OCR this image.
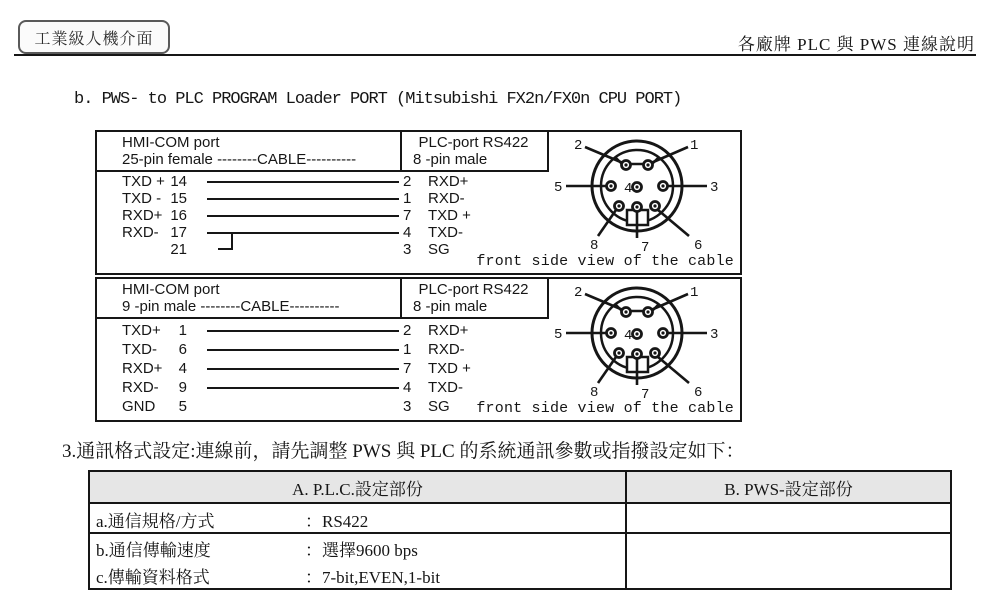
工業級人機介面	各廠牌 PLC 與 PWS 連線說明
b. PWS- to PLC PROGRAM Loader PORT (Mitsubishi FX2n/FX0n CPU PORT)
HMI-COM port
25-pin female --------CABLE----------
PLC-port RS422
8 -pin male
TXD + 14	2 RXD+
TXD - 15	1 RXD-
RXD+ 16	7 TXD +
RXD- 17	4 TXD-
21	3 SG
2	1
5	3
4
8	7	6
front side view of the cable
HMI-COM port
9 -pin male --------CABLE----------
PLC-port RS422
8 -pin male
TXD+	1	2 RXD+
TXD-	6	1 RXD-
RXD+	4	7 TXD +
RXD-	9	4 TXD-
GND	5	3 SG
2	1
5	3
4
8	7	6
front side view of the cable
3.通訊格式設定:連線前，請先調整 PWS 與 PLC 的系統通訊參數或指撥設定如下：
A. P.L.C.設定部份	B. PWS-設定部份
a.通信規格/方式	：RS422
b.通信傳輸速度	：選擇9600 bps
c.傳輸資料格式	：7-bit,EVEN,1-bit
